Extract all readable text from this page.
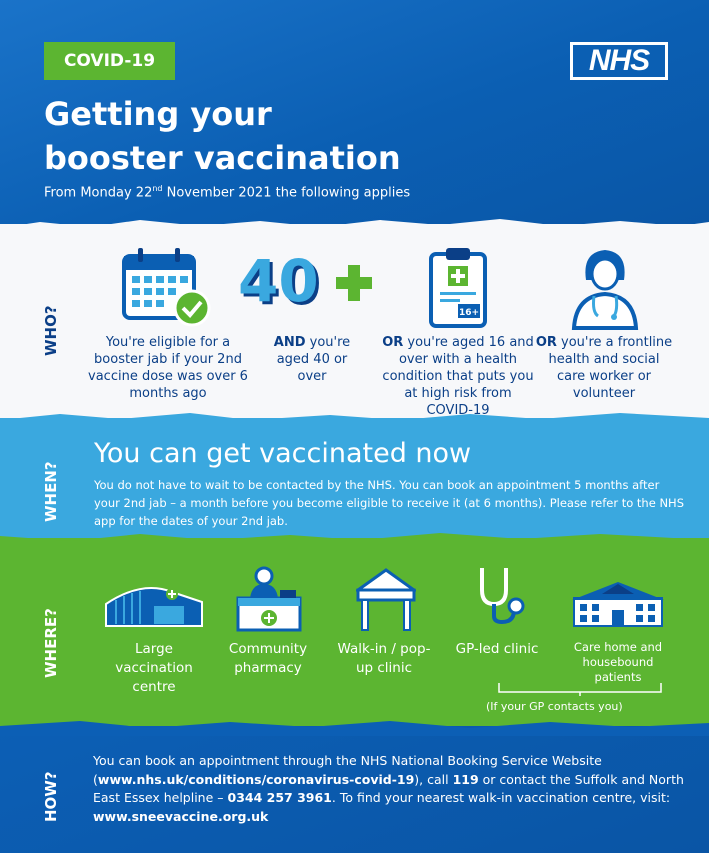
COVID-19	NHS
Getting your
booster vaccination
From Monday 22nd November 2021 the following applies
WHO?	You're eligible for a booster jab if your 2nd vaccine dose was over 6 months ago
40
AND you're aged 40 or over
16+
OR you're aged 16 and over with a health condition that puts you at high risk from COVID-19
OR you're a frontline health and social care worker or volunteer
WHEN?
You can get vaccinated now
You do not have to wait to be contacted by the NHS. You can book an appointment 5 months after your 2nd jab – a month before you become eligible to receive it (at 6 months). Please refer to the NHS app for the dates of your 2nd jab.
WHERE?	Large vaccination centre
Community pharmacy
Walk-in / pop-up clinic
GP-led clinic	Care home and housebound patients
(If your GP contacts you)
HOW?
You can book an appointment through the NHS National Booking Service Website (www.nhs.uk/conditions/coronavirus-covid-19), call 119 or contact the Suffolk and North East Essex helpline – 0344 257 3961. To find your nearest walk-in vaccination centre, visit: www.sneevaccine.org.uk
